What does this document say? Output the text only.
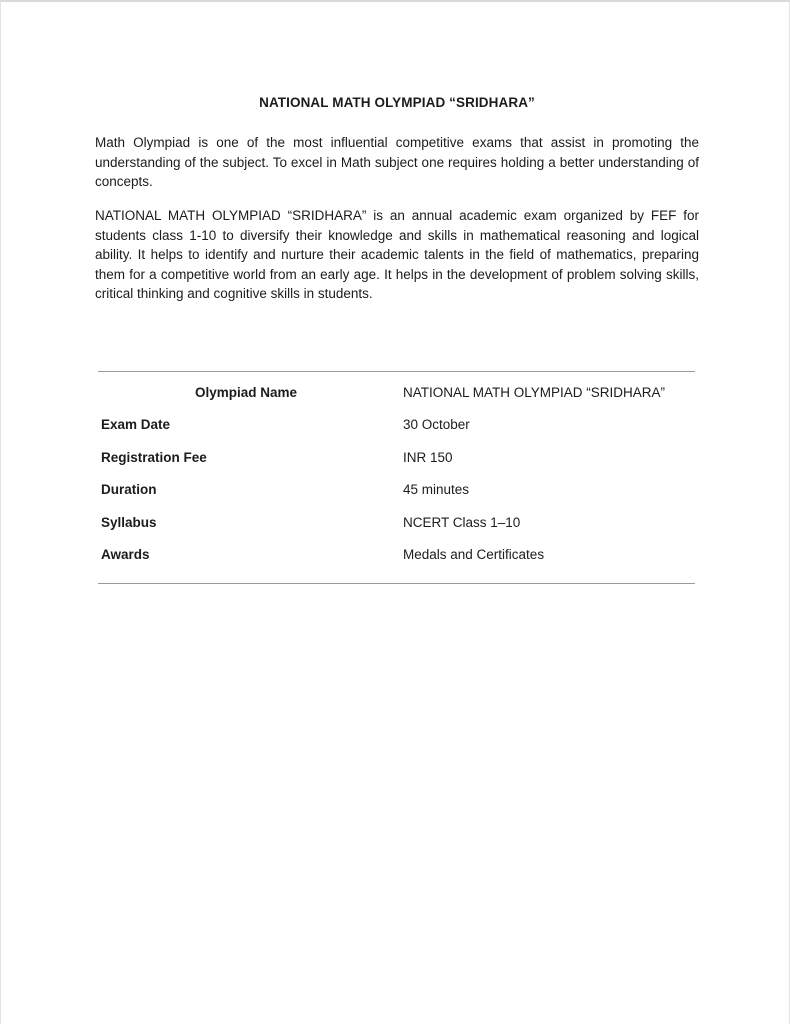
NATIONAL MATH OLYMPIAD “SRIDHARA”

Math Olympiad is one of the most influential competitive exams that assist in promoting the understanding of the subject. To excel in Math subject one requires holding a better understanding of concepts.

NATIONAL MATH OLYMPIAD “SRIDHARA” is an annual academic exam organized by FEF for students class 1-10 to diversify their knowledge and skills in mathematical reasoning and logical ability. It helps to identify and nurture their academic talents in the field of mathematics, preparing them for a competitive world from an early age. It helps in the development of problem solving skills, critical thinking and cognitive skills in students.

Olympiad Name	NATIONAL MATH OLYMPIAD “SRIDHARA”
Exam Date	30 October
Registration Fee	INR 150
Duration	45 minutes
Syllabus	NCERT Class 1–10
Awards	Medals and Certificates
